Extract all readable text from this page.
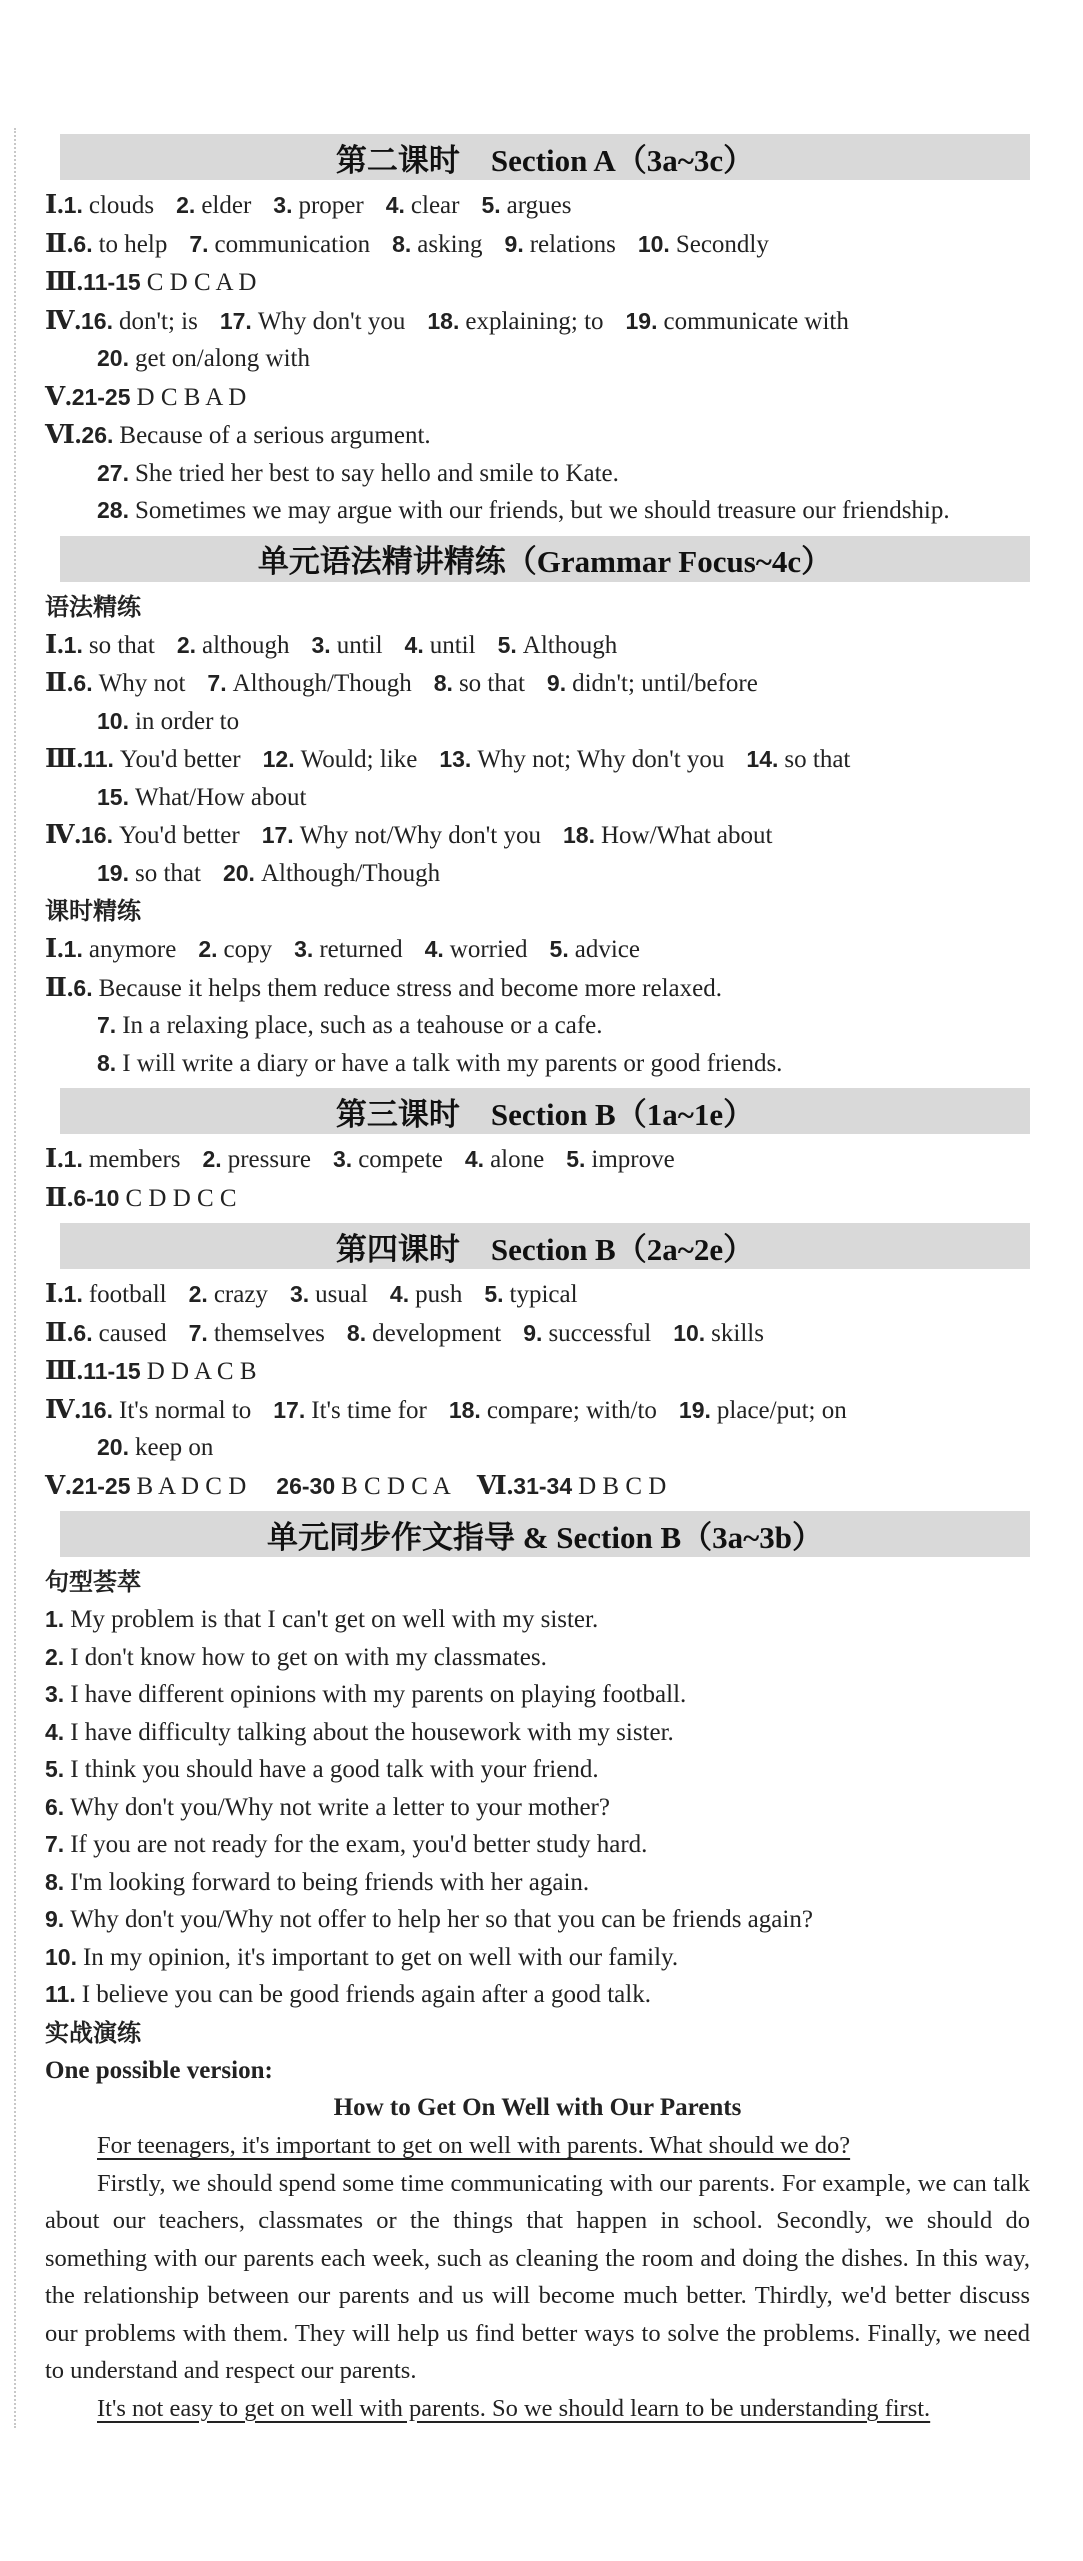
第二课时　Section A（3a~3c）
Ⅰ.1. clouds 2. elder 3. proper 4. clear 5. argues
Ⅱ.6. to help 7. communication 8. asking 9. relations 10. Secondly
Ⅲ.11-15 C D C A D
Ⅳ.16. don't; is 17. Why don't you 18. explaining; to 19. communicate with
20. get on/along with
Ⅴ.21-25 D C B A D
Ⅵ.26. Because of a serious argument.
27. She tried her best to say hello and smile to Kate.
28. Sometimes we may argue with our friends, but we should treasure our friendship.
单元语法精讲精练（Grammar Focus~4c）
语法精练
Ⅰ.1. so that 2. although 3. until 4. until 5. Although
Ⅱ.6. Why not 7. Although/Though 8. so that 9. didn't; until/before
10. in order to
Ⅲ.11. You'd better 12. Would; like 13. Why not; Why don't you 14. so that
15. What/How about
Ⅳ.16. You'd better 17. Why not/Why don't you 18. How/What about
19. so that 20. Although/Though
课时精练
Ⅰ.1. anymore 2. copy 3. returned 4. worried 5. advice
Ⅱ.6. Because it helps them reduce stress and become more relaxed.
7. In a relaxing place, such as a teahouse or a cafe.
8. I will write a diary or have a talk with my parents or good friends.
第三课时　Section B（1a~1e）
Ⅰ.1. members 2. pressure 3. compete 4. alone 5. improve
Ⅱ.6-10 C D D C C
第四课时　Section B（2a~2e）
Ⅰ.1. football 2. crazy 3. usual 4. push 5. typical
Ⅱ.6. caused 7. themselves 8. development 9. successful 10. skills
Ⅲ.11-15 D D A C B
Ⅳ.16. It's normal to 17. It's time for 18. compare; with/to 19. place/put; on
20. keep on
Ⅴ.21-25 B A D C D 26-30 B C D C A Ⅵ.31-34 D B C D
单元同步作文指导 & Section B（3a~3b）
句型荟萃
1. My problem is that I can't get on well with my sister.
2. I don't know how to get on with my classmates.
3. I have different opinions with my parents on playing football.
4. I have difficulty talking about the housework with my sister.
5. I think you should have a good talk with your friend.
6. Why don't you/Why not write a letter to your mother?
7. If you are not ready for the exam, you'd better study hard.
8. I'm looking forward to being friends with her again.
9. Why don't you/Why not offer to help her so that you can be friends again?
10. In my opinion, it's important to get on well with our family.
11. I believe you can be good friends again after a good talk.
实战演练
One possible version:
How to Get On Well with Our Parents
For teenagers, it's important to get on well with parents. What should we do?
Firstly, we should spend some time communicating with our parents. For example, we can talk about our teachers, classmates or the things that happen in school. Secondly, we should do something with our parents each week, such as cleaning the room and doing the dishes. In this way, the relationship between our parents and us will become much better. Thirdly, we'd better discuss our problems with them. They will help us find better ways to solve the problems. Finally, we need to understand and respect our parents.
It's not easy to get on well with parents. So we should learn to be understanding first.
